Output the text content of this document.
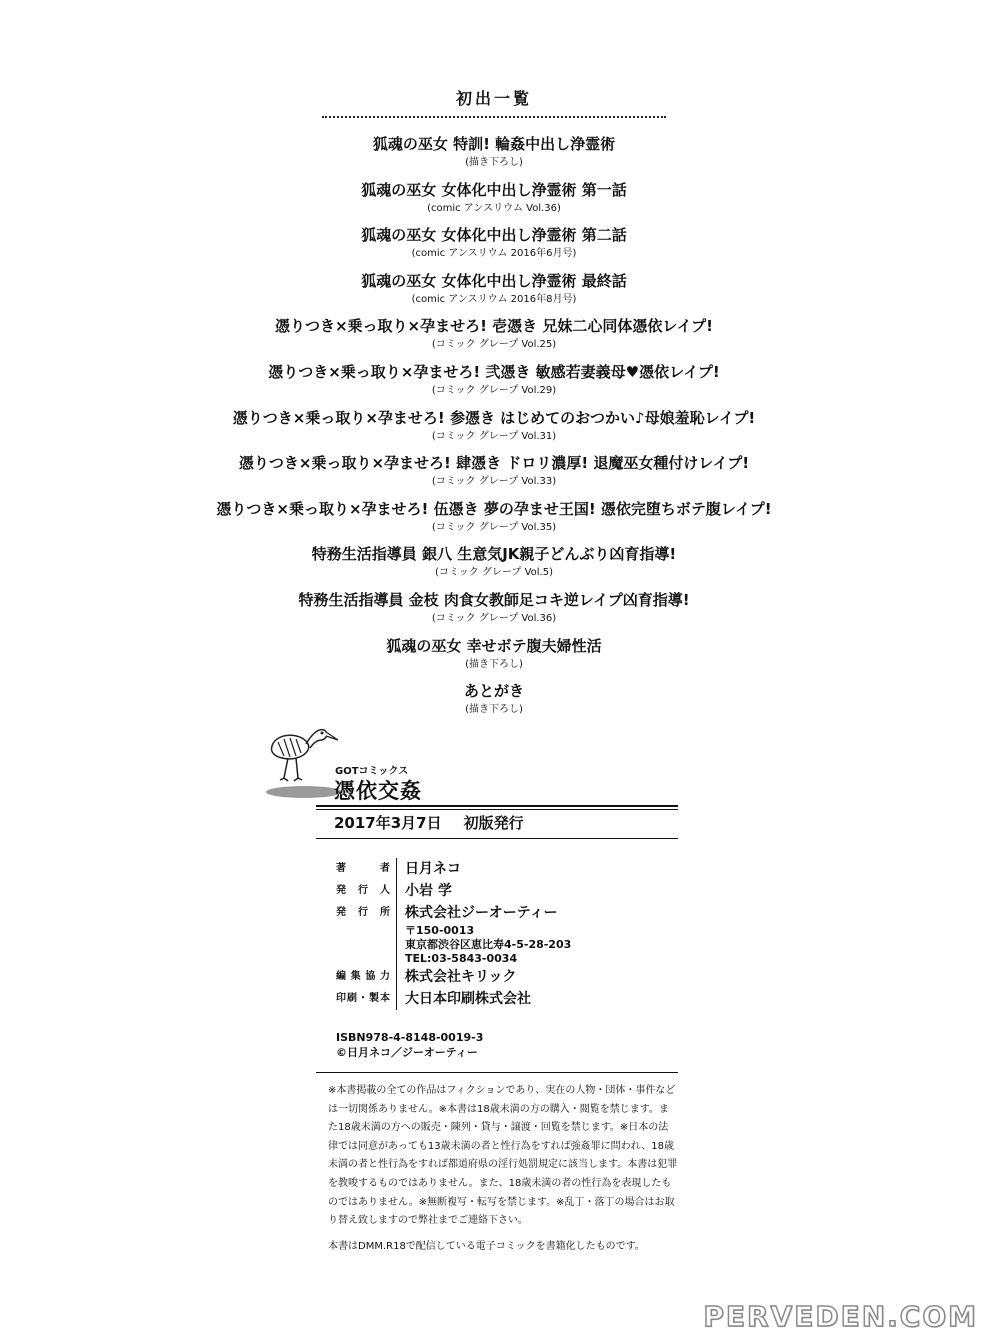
初出一覧
狐魂の巫女 特訓! 輪姦中出し浄霊術
(描き下ろし)
狐魂の巫女 女体化中出し浄霊術 第一話
(comic アンスリウム Vol.36)
狐魂の巫女 女体化中出し浄霊術 第二話
(comic アンスリウム 2016年6月号)
狐魂の巫女 女体化中出し浄霊術 最終話
(comic アンスリウム 2016年8月号)
憑りつき×乗っ取り×孕ませろ! 壱憑き 兄妹二心同体憑依レイプ!
(コミック グレープ Vol.25)
憑りつき×乗っ取り×孕ませろ! 弐憑き 敏感若妻義母♥憑依レイプ!
(コミック グレープ Vol.29)
憑りつき×乗っ取り×孕ませろ! 参憑き はじめてのおつかい♪母娘羞恥レイプ!
(コミック グレープ Vol.31)
憑りつき×乗っ取り×孕ませろ! 肆憑き ドロリ濃厚! 退魔巫女種付けレイプ!
(コミック グレープ Vol.33)
憑りつき×乗っ取り×孕ませろ! 伍憑き 夢の孕ませ王国! 憑依完堕ちボテ腹レイプ!
(コミック グレープ Vol.35)
特務生活指導員 銀八 生意気JK親子どんぶり凶育指導!
(コミック グレープ Vol.5)
特務生活指導員 金枝 肉食女教師足コキ逆レイプ凶育指導!
(コミック グレープ Vol.36)
狐魂の巫女 幸せボテ腹夫婦性活
(描き下ろし)
あとがき
(描き下ろし)
GOTコミックス
憑依交姦
2017年3月7日 初版発行
著者 日月ネコ
発行人 小岩 学
発行所 株式会社ジーオーティー
〒150-0013
東京都渋谷区恵比寿4-5-28-203
TEL:03-5843-0034
編集協力 株式会社キリック
印刷・製本 大日本印刷株式会社
ISBN978-4-8148-0019-3
©日月ネコ／ジーオーティー
※本書掲載の全ての作品はフィクションであり、実在の人物・団体・事件などは一切関係ありません。※本書は18歳未満の方の購入・閲覧を禁じます。また18歳未満の方への販売・陳列・貸与・譲渡・回覧を禁じます。※日本の法律では同意があっても13歳未満の者と性行為をすれば強姦罪に問われ、18歳未満の者と性行為をすれば都道府県の淫行処罰規定に該当します。本書は犯罪を教唆するものではありません。また、18歳未満の者の性行為を表現したものではありません。※無断複写・転写を禁じます。※乱丁・落丁の場合はお取り替え致しますので弊社までご連絡下さい。
本書はDMM.R18で配信している電子コミックを書籍化したものです。
PERVEDEN.COM
